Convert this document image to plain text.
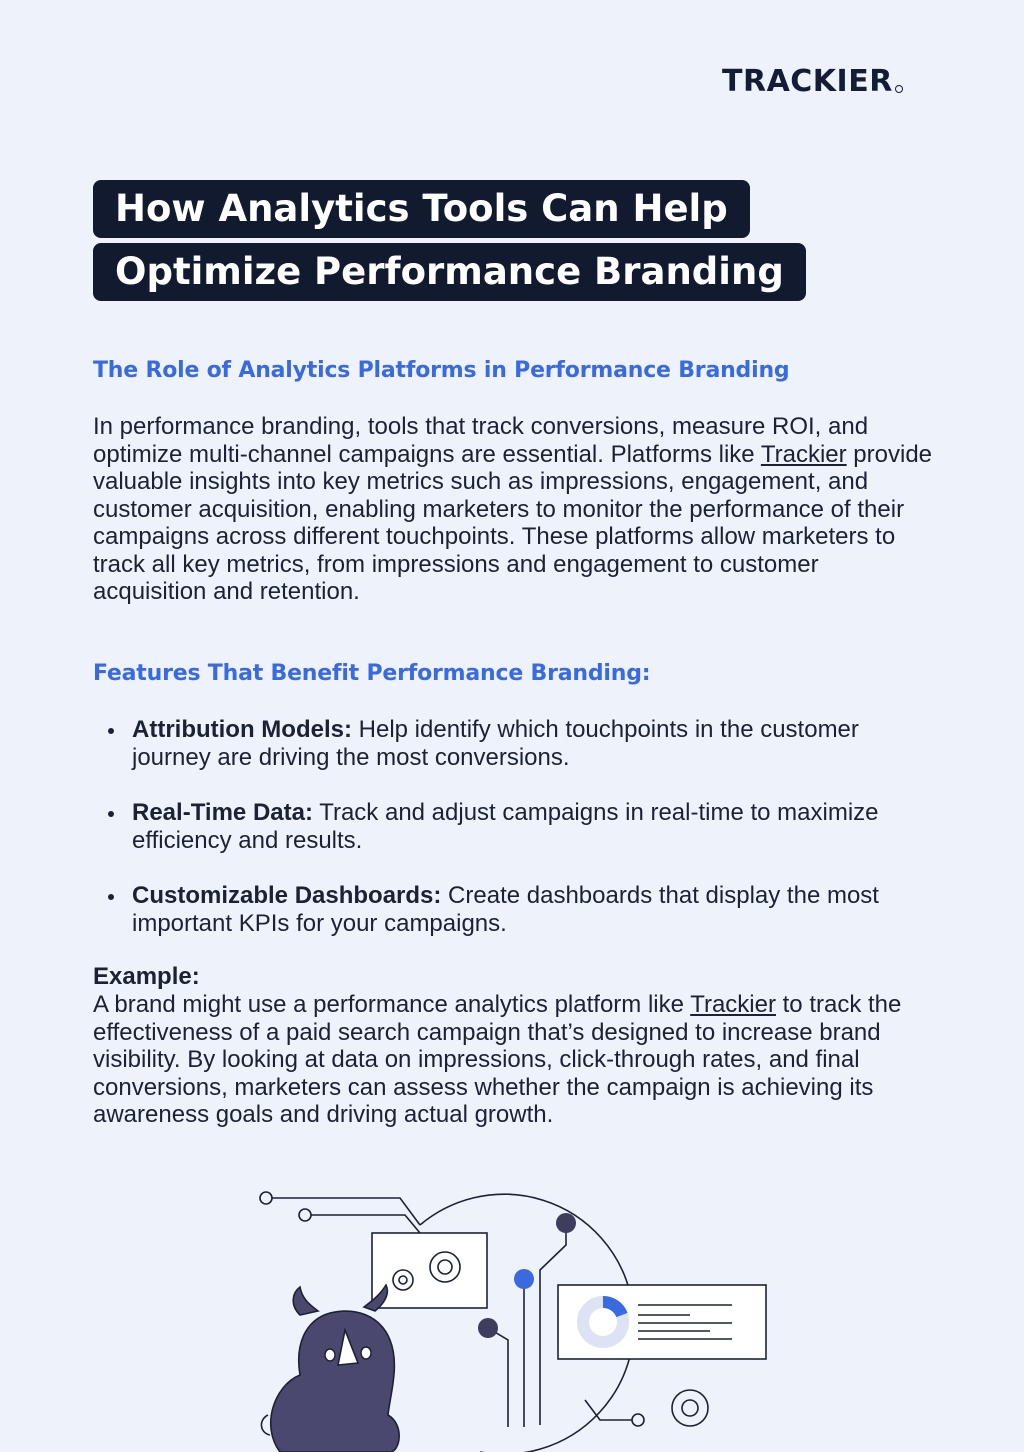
TRACKIER
How Analytics Tools Can Help
Optimize Performance Branding
The Role of Analytics Platforms in Performance Branding

In performance branding, tools that track conversions, measure ROI, and optimize multi-channel campaigns are essential. Platforms like Trackier provide valuable insights into key metrics such as impressions, engagement, and customer acquisition, enabling marketers to monitor the performance of their campaigns across different touchpoints. These platforms allow marketers to track all key metrics, from impressions and engagement to customer acquisition and retention.

Features That Benefit Performance Branding:
Attribution Models: Help identify which touchpoints in the customer journey are driving the most conversions.
Real-Time Data: Track and adjust campaigns in real-time to maximize efficiency and results.
Customizable Dashboards: Create dashboards that display the most important KPIs for your campaigns.
Example:

A brand might use a performance analytics platform like Trackier to track the effectiveness of a paid search campaign that’s designed to increase brand visibility. By looking at data on impressions, click-through rates, and final conversions, marketers can assess whether the campaign is achieving its awareness goals and driving actual growth.
